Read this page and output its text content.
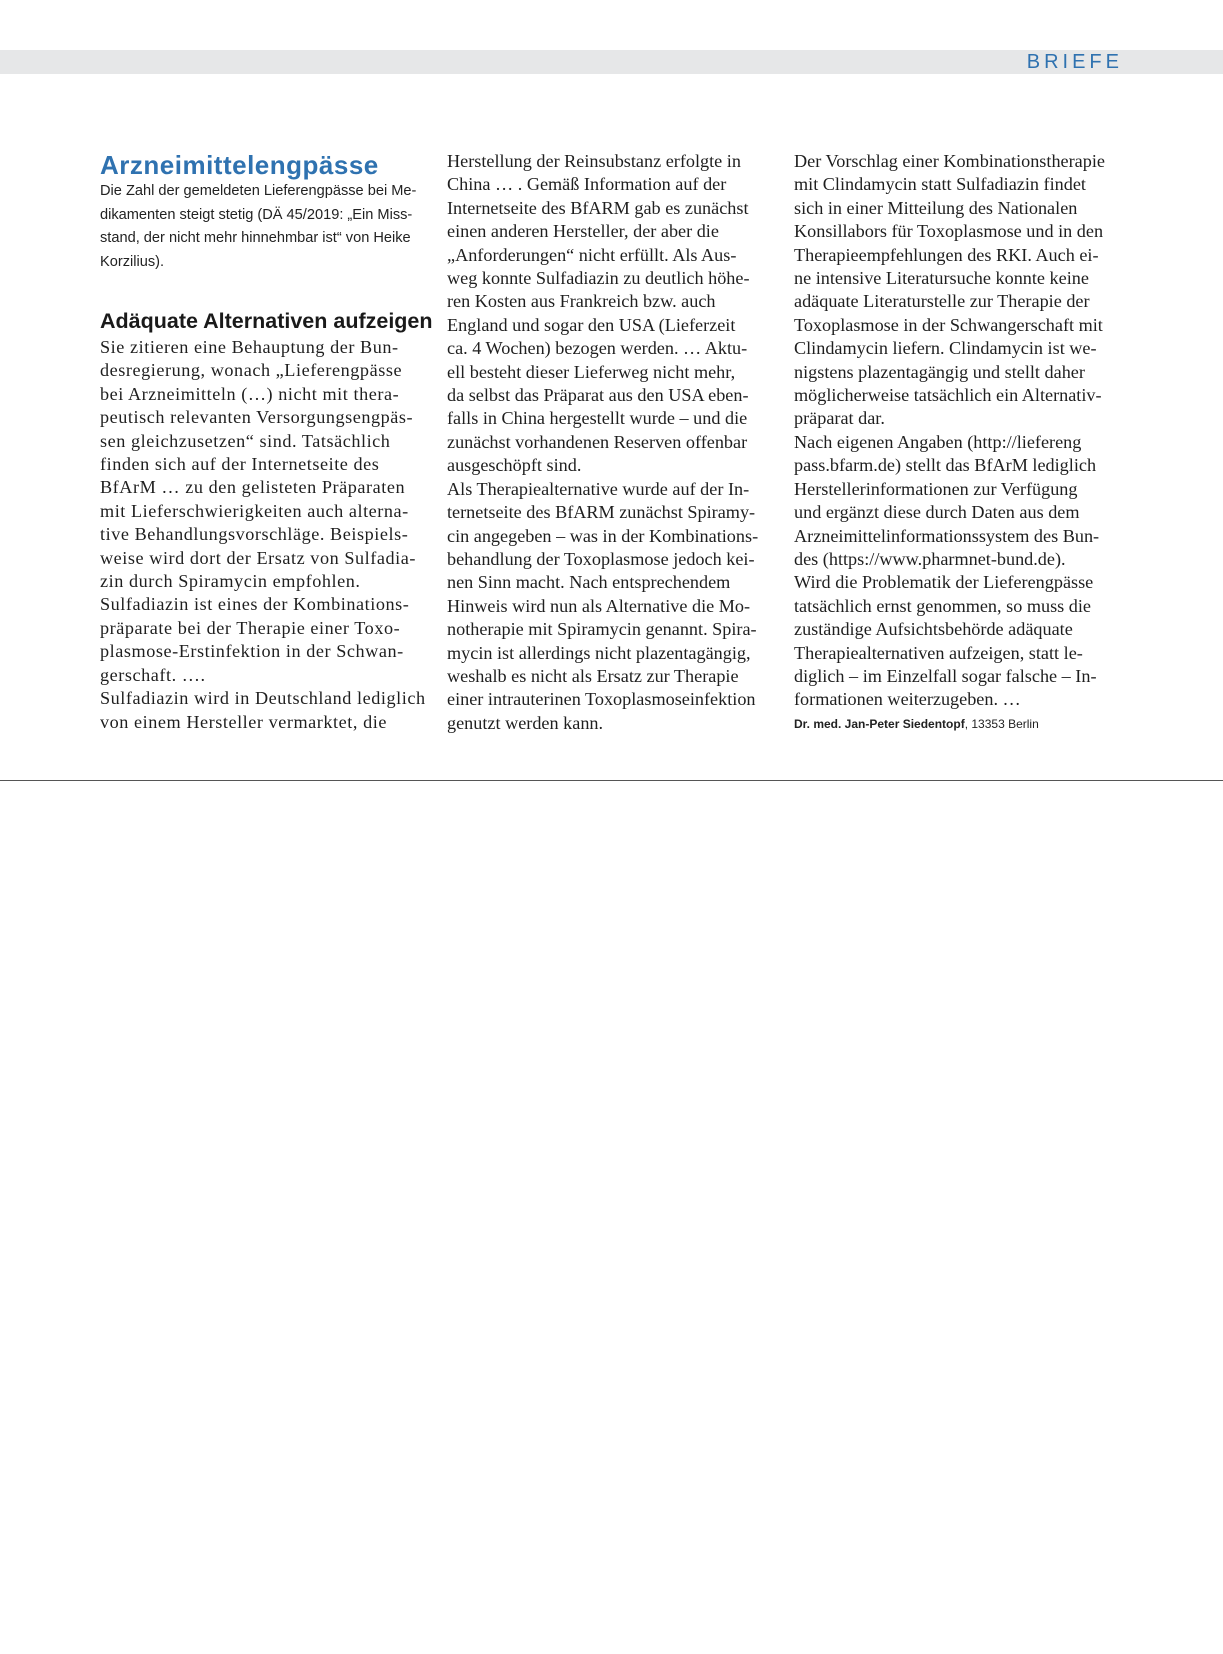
BRIEFE
Arzneimittelengpässe
Die Zahl der gemeldeten Lieferengpässe bei Me-
dikamenten steigt stetig (DÄ 45/2019: „Ein Miss-
stand, der nicht mehr hinnehmbar ist“ von Heike
Korzilius).
Adäquate Alternativen aufzeigen
Sie zitieren eine Behauptung der Bun-
desregierung, wonach „Lieferengpässe
bei Arzneimitteln (…) nicht mit thera-
peutisch relevanten Versorgungsengpäs-
sen gleichzusetzen“ sind. Tatsächlich
finden sich auf der Internetseite des
BfArM … zu den gelisteten Präparaten
mit Lieferschwierigkeiten auch alterna-
tive Behandlungsvorschläge. Beispiels-
weise wird dort der Ersatz von Sulfadia-
zin durch Spiramycin empfohlen.
Sulfadiazin ist eines der Kombinations-
präparate bei der Therapie einer Toxo-
plasmose-Erstinfektion in der Schwan-
gerschaft. ….
Sulfadiazin wird in Deutschland lediglich
von einem Hersteller vermarktet, die
Herstellung der Reinsubstanz erfolgte in
China … . Gemäß Information auf der
Internetseite des BfARM gab es zunächst
einen anderen Hersteller, der aber die
„Anforderungen“ nicht erfüllt. Als Aus-
weg konnte Sulfadiazin zu deutlich höhe-
ren Kosten aus Frankreich bzw. auch
England und sogar den USA (Lieferzeit
ca. 4 Wochen) bezogen werden. … Aktu-
ell besteht dieser Lieferweg nicht mehr,
da selbst das Präparat aus den USA eben-
falls in China hergestellt wurde – und die
zunächst vorhandenen Reserven offenbar
ausgeschöpft sind.
Als Therapiealternative wurde auf der In-
ternetseite des BfARM zunächst Spiramy-
cin angegeben – was in der Kombinations-
behandlung der Toxoplasmose jedoch kei-
nen Sinn macht. Nach entsprechendem
Hinweis wird nun als Alternative die Mo-
notherapie mit Spiramycin genannt. Spira-
mycin ist allerdings nicht plazentagängig,
weshalb es nicht als Ersatz zur Therapie
einer intrauterinen Toxoplasmoseinfektion
genutzt werden kann.
Der Vorschlag einer Kombinationstherapie
mit Clindamycin statt Sulfadiazin findet
sich in einer Mitteilung des Nationalen
Konsillabors für Toxoplasmose und in den
Therapieempfehlungen des RKI. Auch ei-
ne intensive Literatursuche konnte keine
adäquate Literaturstelle zur Therapie der
Toxoplasmose in der Schwangerschaft mit
Clindamycin liefern. Clindamycin ist we-
nigstens plazentagängig und stellt daher
möglicherweise tatsächlich ein Alternativ-
präparat dar.
Nach eigenen Angaben (http://liefereng
pass.bfarm.de) stellt das BfArM lediglich
Herstellerinformationen zur Verfügung
und ergänzt diese durch Daten aus dem
Arzneimittelinformationssystem des Bun-
des (https://www.pharmnet-bund.de).
Wird die Problematik der Lieferengpässe
tatsächlich ernst genommen, so muss die
zuständige Aufsichtsbehörde adäquate
Therapiealternativen aufzeigen, statt le-
diglich – im Einzelfall sogar falsche – In-
formationen weiterzugeben. …
Dr. med. Jan-Peter Siedentopf, 13353 Berlin
